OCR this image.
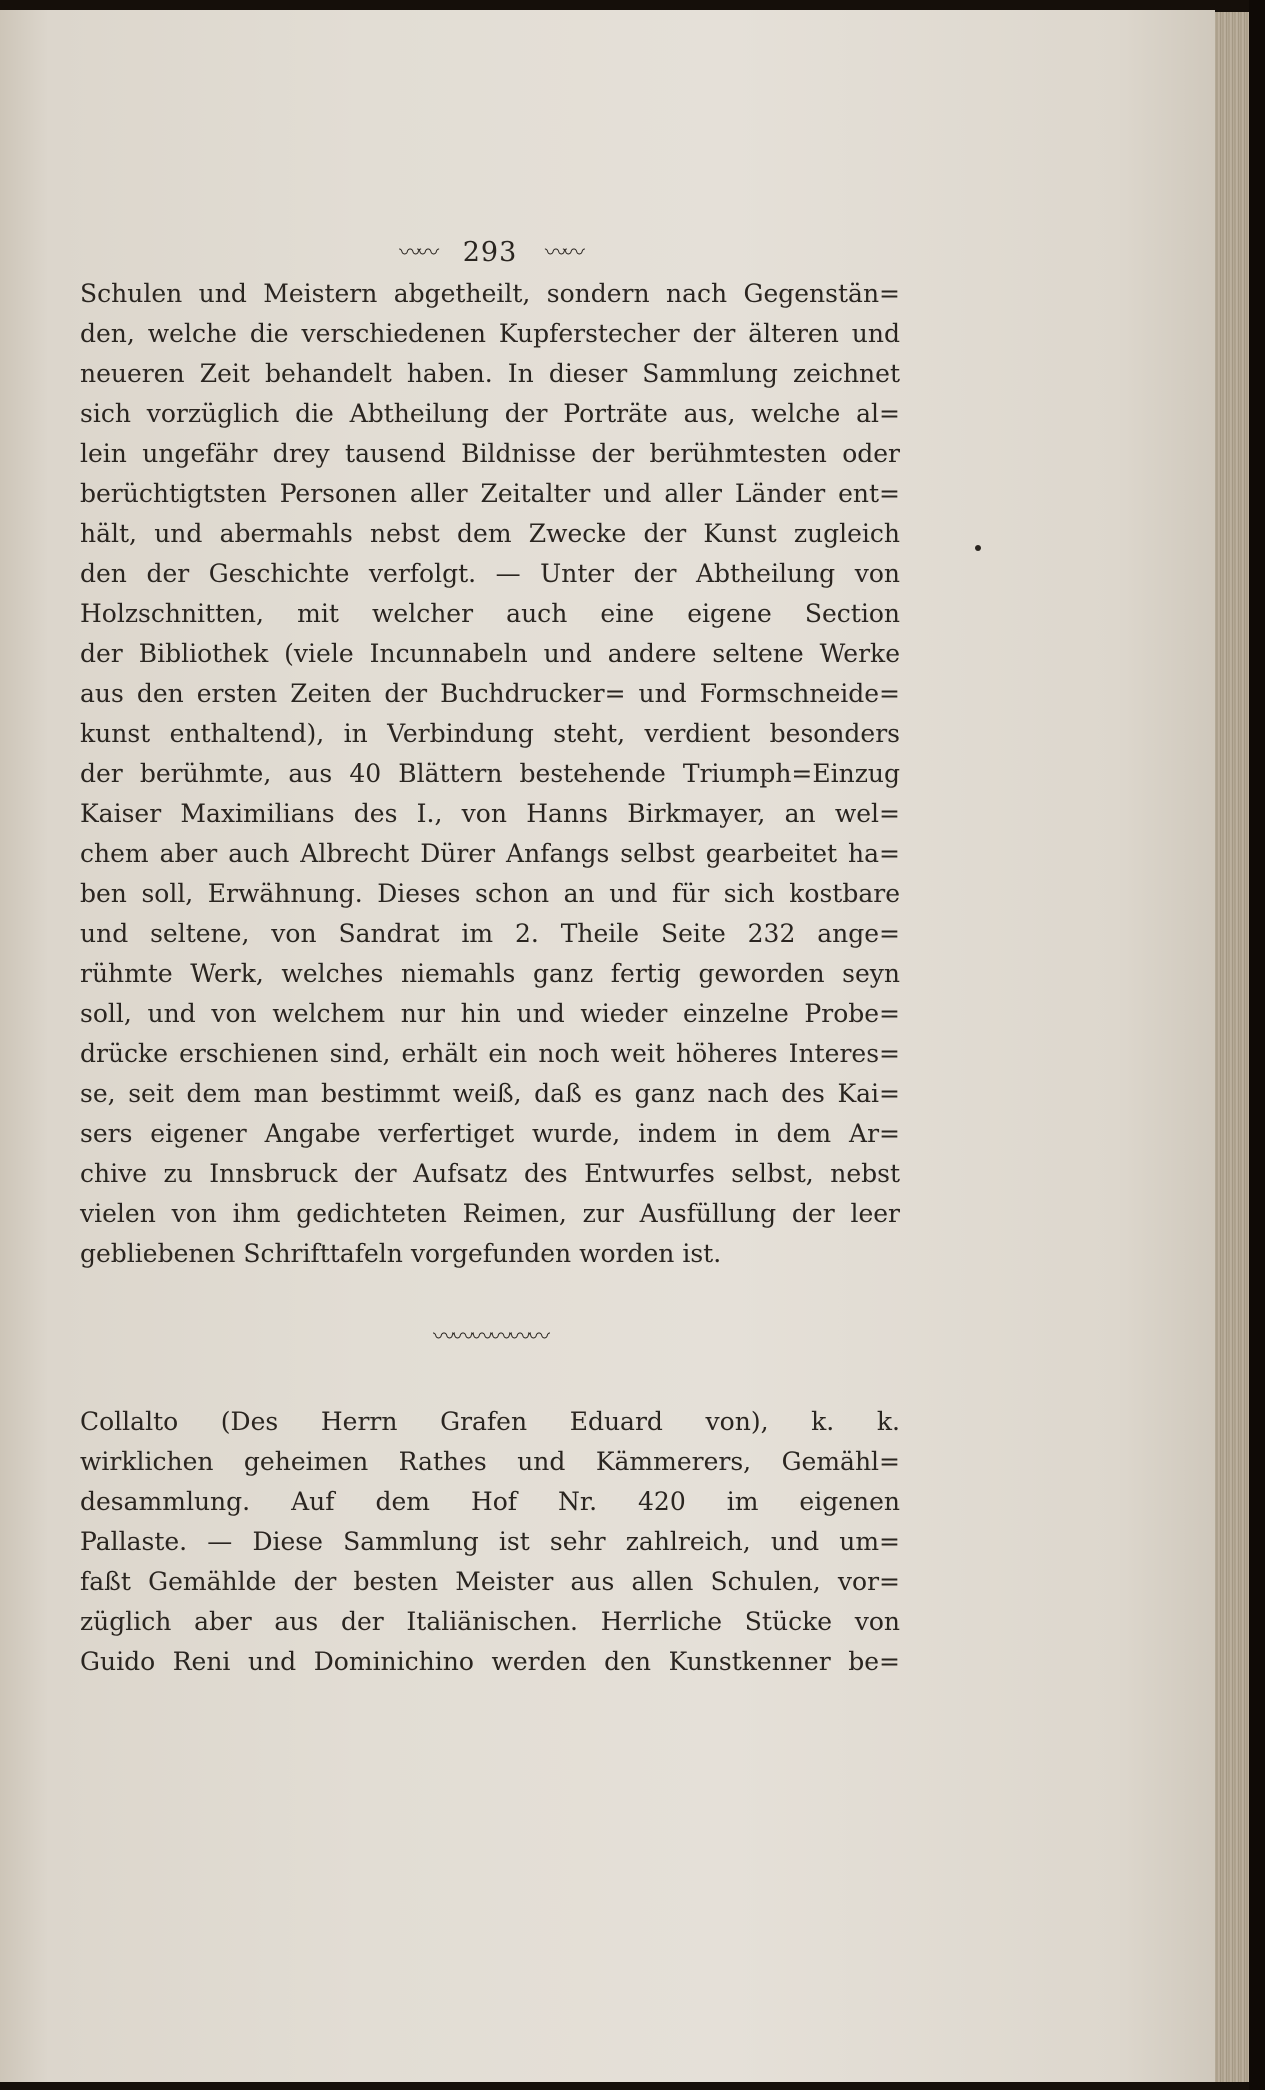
〰〰 293 〰〰
Schulen und Meistern abgetheilt, sondern nach Gegenstän=
den, welche die verschiedenen Kupferstecher der älteren und
neueren Zeit behandelt haben. In dieser Sammlung zeichnet
sich vorzüglich die Abtheilung der Porträte aus, welche al=
lein ungefähr drey tausend Bildnisse der berühmtesten oder
berüchtigtsten Personen aller Zeitalter und aller Länder ent=
hält, und abermahls nebst dem Zwecke der Kunst zugleich
den der Geschichte verfolgt. — Unter der Abtheilung von
Holzschnitten, mit welcher auch eine eigene Section
der Bibliothek (viele Incunnabeln und andere seltene Werke
aus den ersten Zeiten der Buchdrucker= und Formschneide=
kunst enthaltend), in Verbindung steht, verdient besonders
der berühmte, aus 40 Blättern bestehende Triumph=Einzug
Kaiser Maximilians des I., von Hanns Birkmayer, an wel=
chem aber auch Albrecht Dürer Anfangs selbst gearbeitet ha=
ben soll, Erwähnung. Dieses schon an und für sich kostbare
und seltene, von Sandrat im 2. Theile Seite 232 ange=
rühmte Werk, welches niemahls ganz fertig geworden seyn
soll, und von welchem nur hin und wieder einzelne Probe=
drücke erschienen sind, erhält ein noch weit höheres Interes=
se, seit dem man bestimmt weiß, daß es ganz nach des Kai=
sers eigener Angabe verfertiget wurde, indem in dem Ar=
chive zu Innsbruck der Aufsatz des Entwurfes selbst, nebst
vielen von ihm gedichteten Reimen, zur Ausfüllung der leer
gebliebenen Schrifttafeln vorgefunden worden ist.
〰〰〰〰〰〰
Collalto (Des Herrn Grafen Eduard von), k. k.
wirklichen geheimen Rathes und Kämmerers, Gemähl=
desammlung. Auf dem Hof Nr. 420 im eigenen
Pallaste. — Diese Sammlung ist sehr zahlreich, und um=
faßt Gemählde der besten Meister aus allen Schulen, vor=
züglich aber aus der Italiänischen. Herrliche Stücke von
Guido Reni und Dominichino werden den Kunstkenner be=
